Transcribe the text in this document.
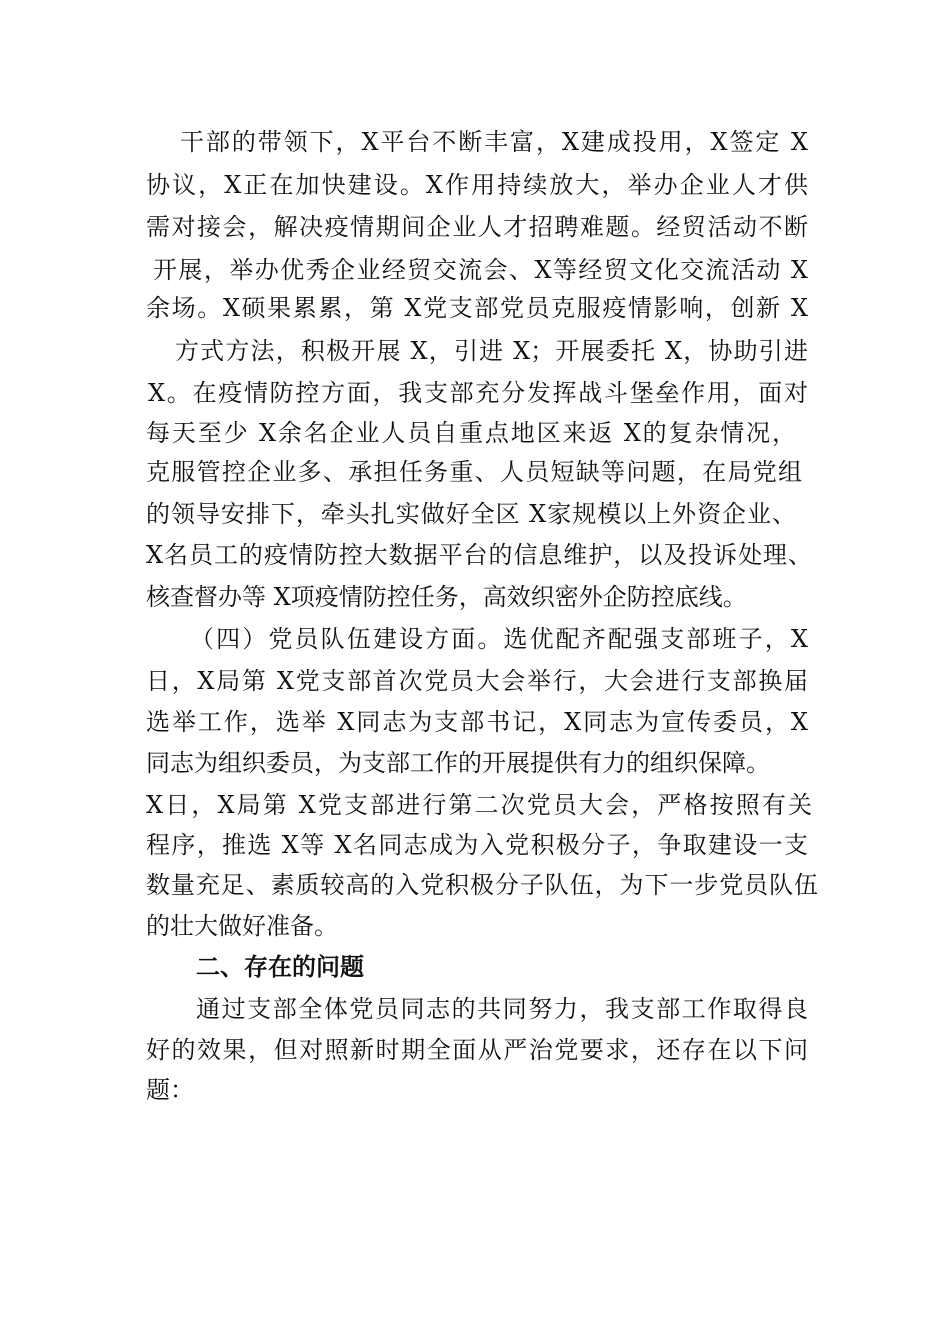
干部的带领下，X平台不断丰富，X建成投用，X签定 X
协议，X正在加快建设。X作用持续放大，举办企业人才供
需对接会，解决疫情期间企业人才招聘难题。经贸活动不断
开展，举办优秀企业经贸交流会、X等经贸文化交流活动 X
余场。X硕果累累，第 X党支部党员克服疫情影响，创新 X
方式方法，积极开展 X，引进 X；开展委托 X，协助引进
X。在疫情防控方面，我支部充分发挥战斗堡垒作用，面对
每天至少 X余名企业人员自重点地区来返 X的复杂情况，
克服管控企业多、承担任务重、人员短缺等问题，在局党组
的领导安排下，牵头扎实做好全区 X家规模以上外资企业、
X名员工的疫情防控大数据平台的信息维护，以及投诉处理、
核查督办等 X项疫情防控任务，高效织密外企防控底线。
（四）党员队伍建设方面。选优配齐配强支部班子，X
日，X局第 X党支部首次党员大会举行，大会进行支部换届
选举工作，选举 X同志为支部书记，X同志为宣传委员，X
同志为组织委员，为支部工作的开展提供有力的组织保障。
X日，X局第 X党支部进行第二次党员大会，严格按照有关
程序，推选 X等 X名同志成为入党积极分子，争取建设一支
数量充足、素质较高的入党积极分子队伍，为下一步党员队伍
的壮大做好准备。
二、存在的问题
通过支部全体党员同志的共同努力，我支部工作取得良
好的效果，但对照新时期全面从严治党要求，还存在以下问
题：
